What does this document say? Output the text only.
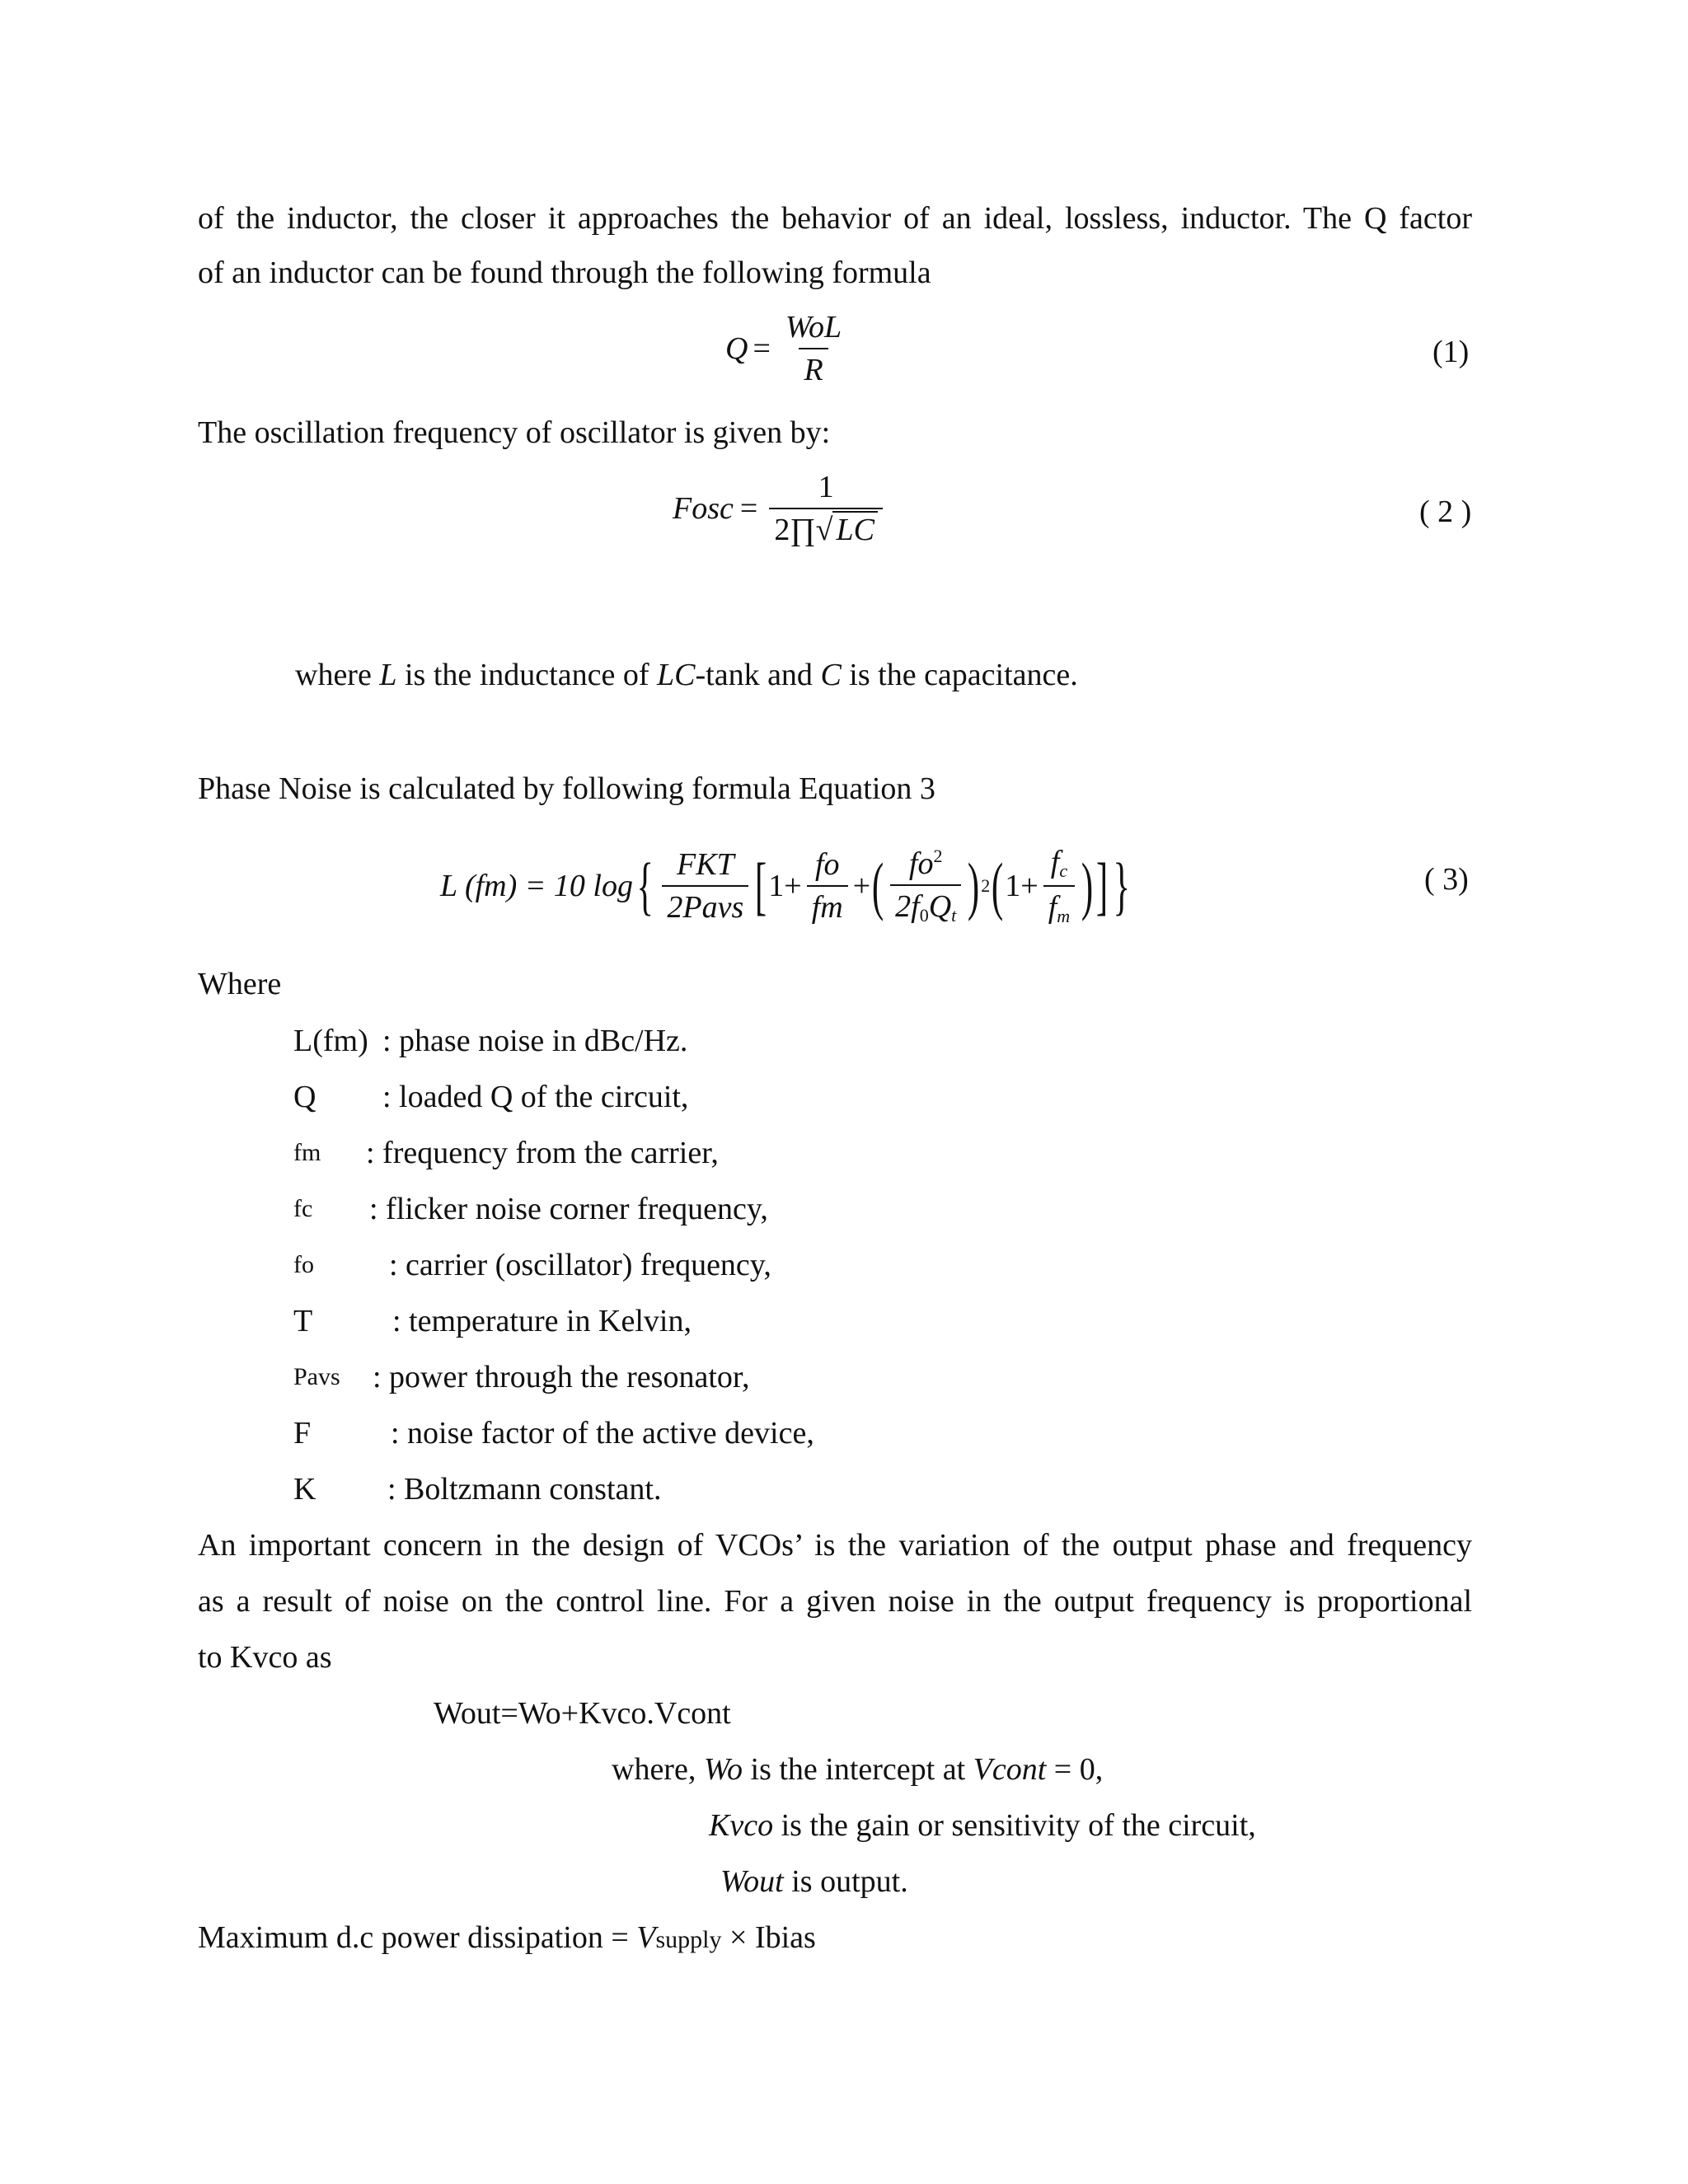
of the inductor, the closer it approaches the behavior of an ideal, lossless, inductor. The Q factor
of an inductor can be found through the following formula
$Q = \frac{\text{WoL}}{R}$	(1)
The oscillation frequency of oscillator is given by:
Fosc = $\frac{1}{2\prod√ LC}$	( 2 )
where L is the inductance of LC-tank and C is the capacitance.
Phase Noise is calculated by following formula Equation 3
L (fm) = 10 log { $\frac{\text{FKT}}{\text{2Pavs}}$ [ $1+ \frac{fo}{fm}$ + ( $\frac{fo^2}{2f_0Q_t}$ ) 2 ( $1+ \frac{f_c}{f_m}$ ) ] }	( 3)
Where
L(fm) : phase noise in dBc/Hz.
Q : loaded Q of the circuit,
fm : frequency from the carrier,
fc : flicker noise corner frequency,
fo : carrier (oscillator) frequency,
T	: temperature in Kelvin,
Pavs : power through the resonator,
F	: noise factor of the active device,
K : Boltzmann constant.
An important concern in the design of VCOs’ is the variation of the output phase and frequency
as a result of noise on the control line. For a given noise in the output frequency is proportional
to Kvco as
Wout=Wo+Kvco.Vcont
where, Wo is the intercept at Vcont = 0,
Kvco is the gain or sensitivity of the circuit,
Wout is output.
Maximum d.c power dissipation = Vsupply × Ibias
